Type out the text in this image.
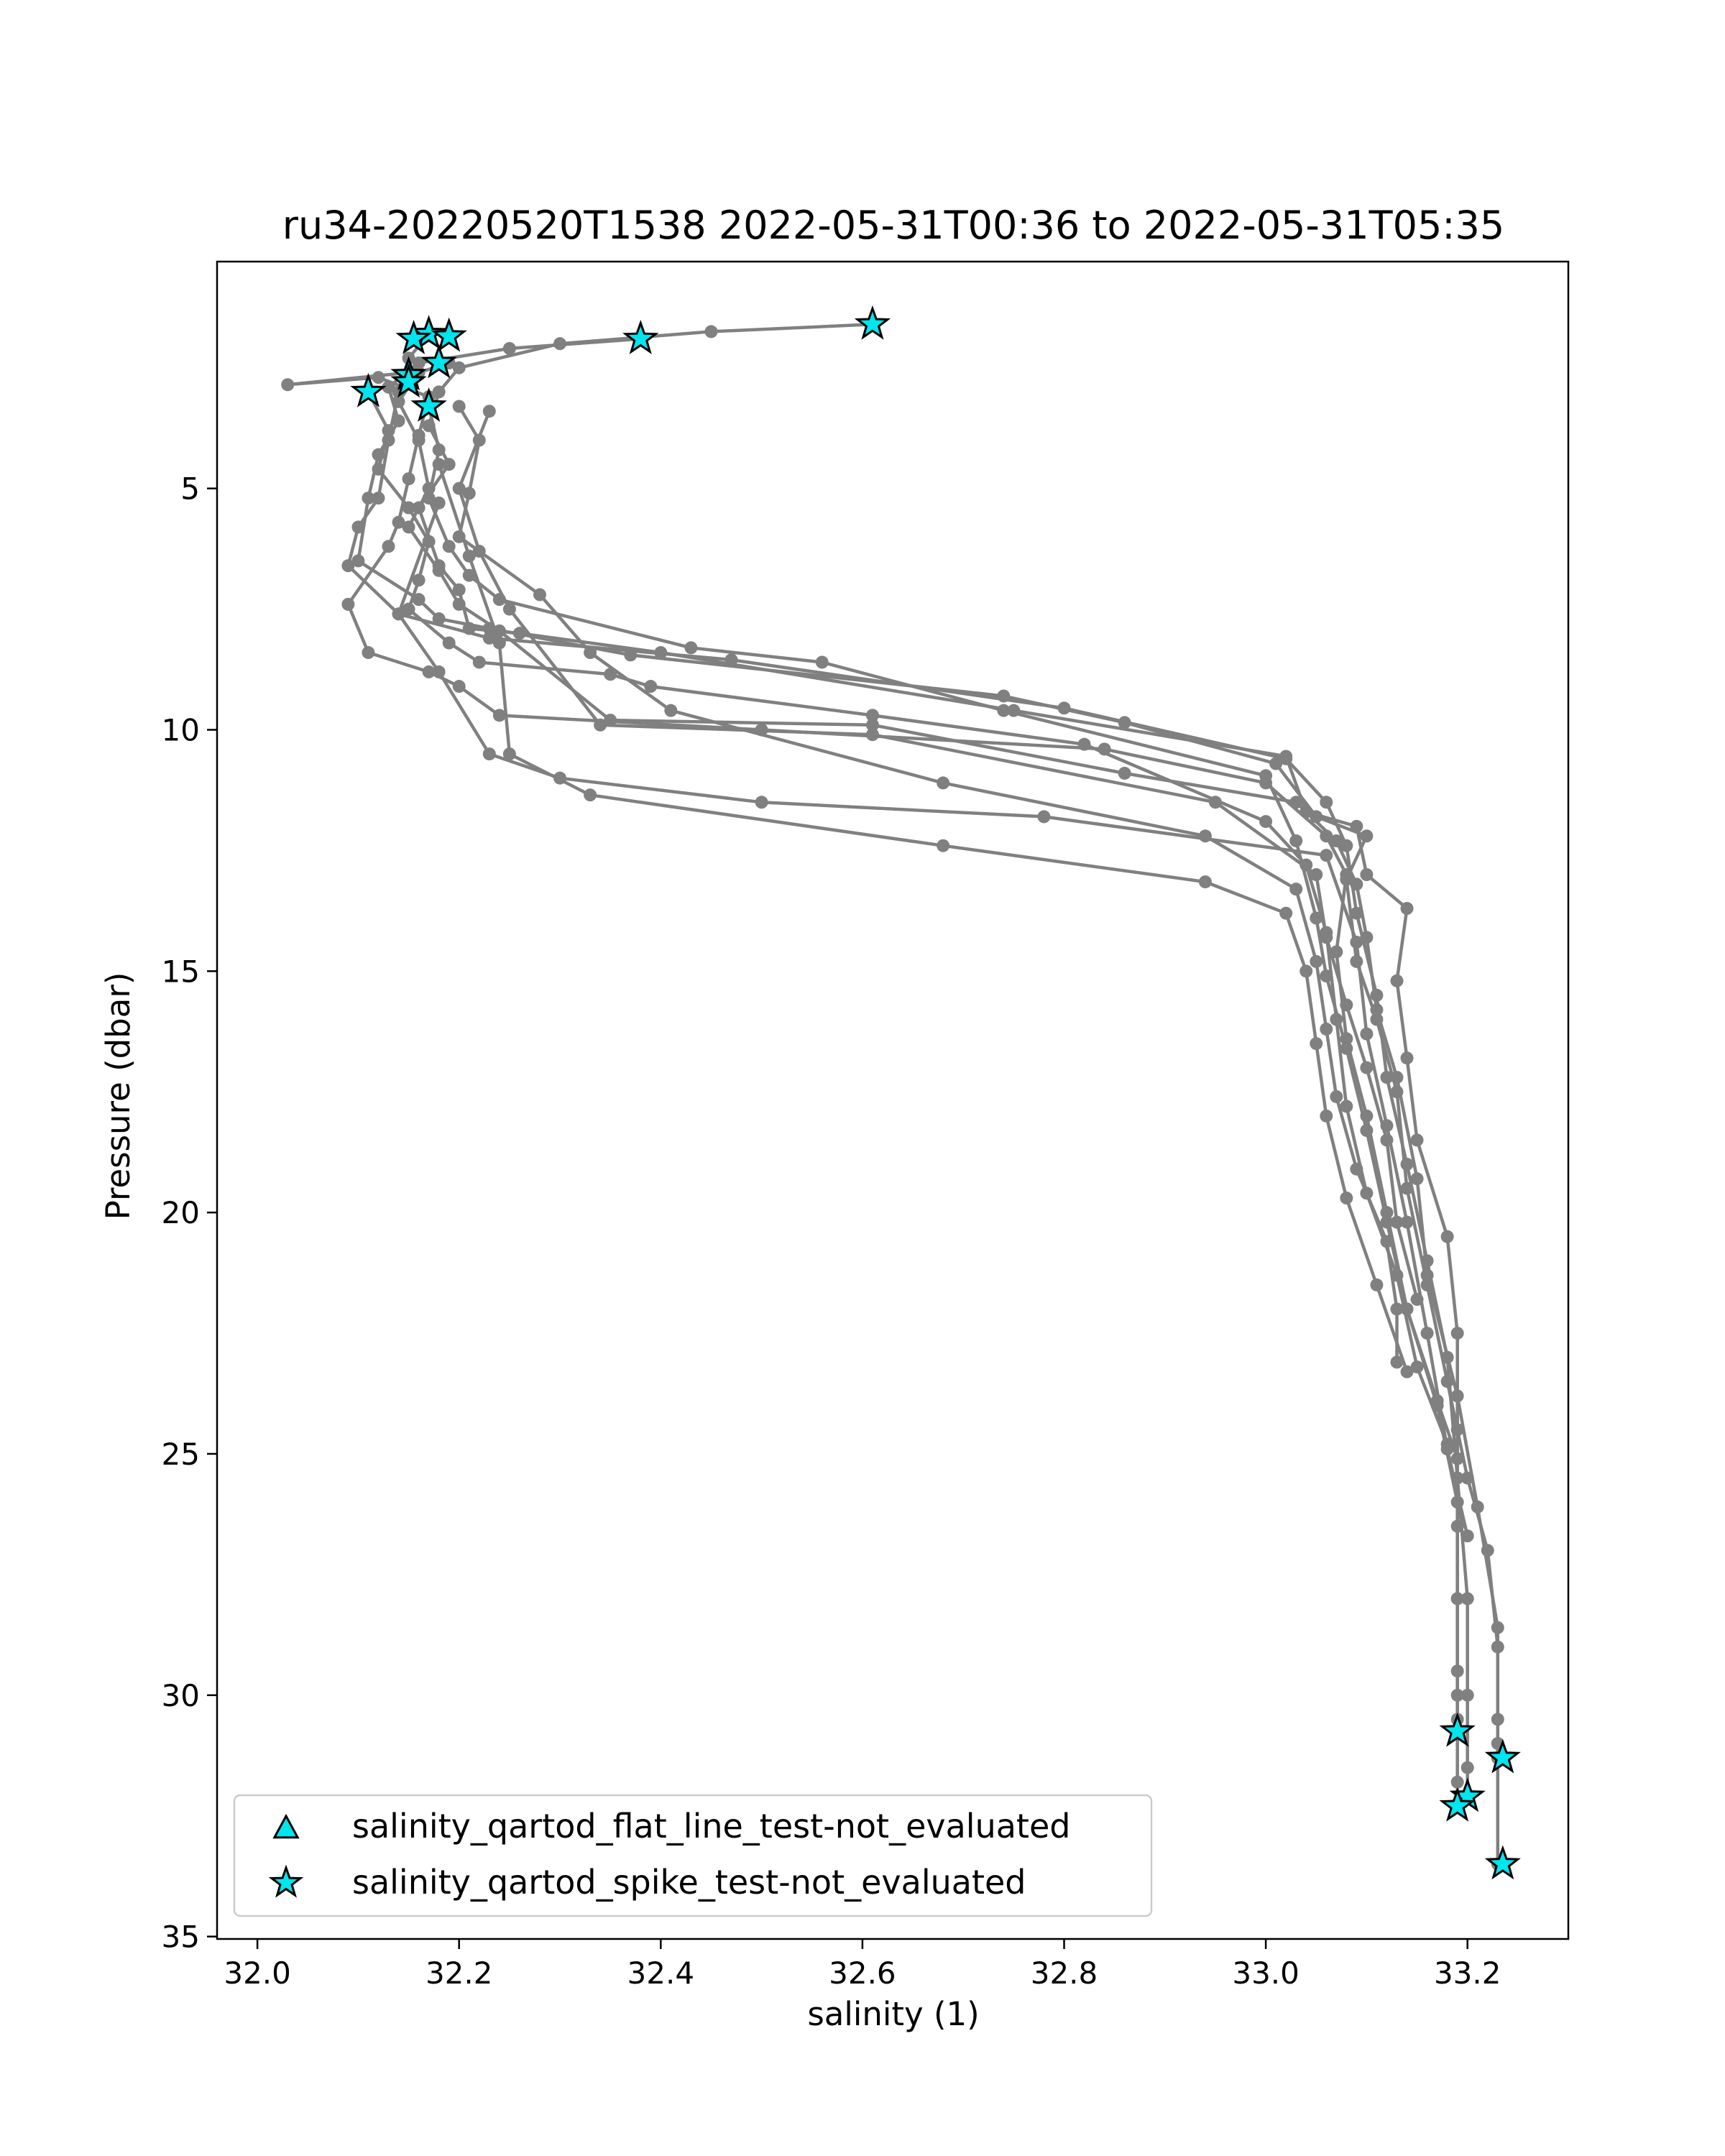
ru34-20220520T1538 2022-05-31T00:36 to 2022-05-31T05:35
salinity (1)
Pressure (dbar)
32.0	32.2	32.4	32.6	32.8	33.0	33.2
5
10
15
20
25
30
35
salinity_qartod_flat_line_test-not_evaluated
salinity_qartod_spike_test-not_evaluated
